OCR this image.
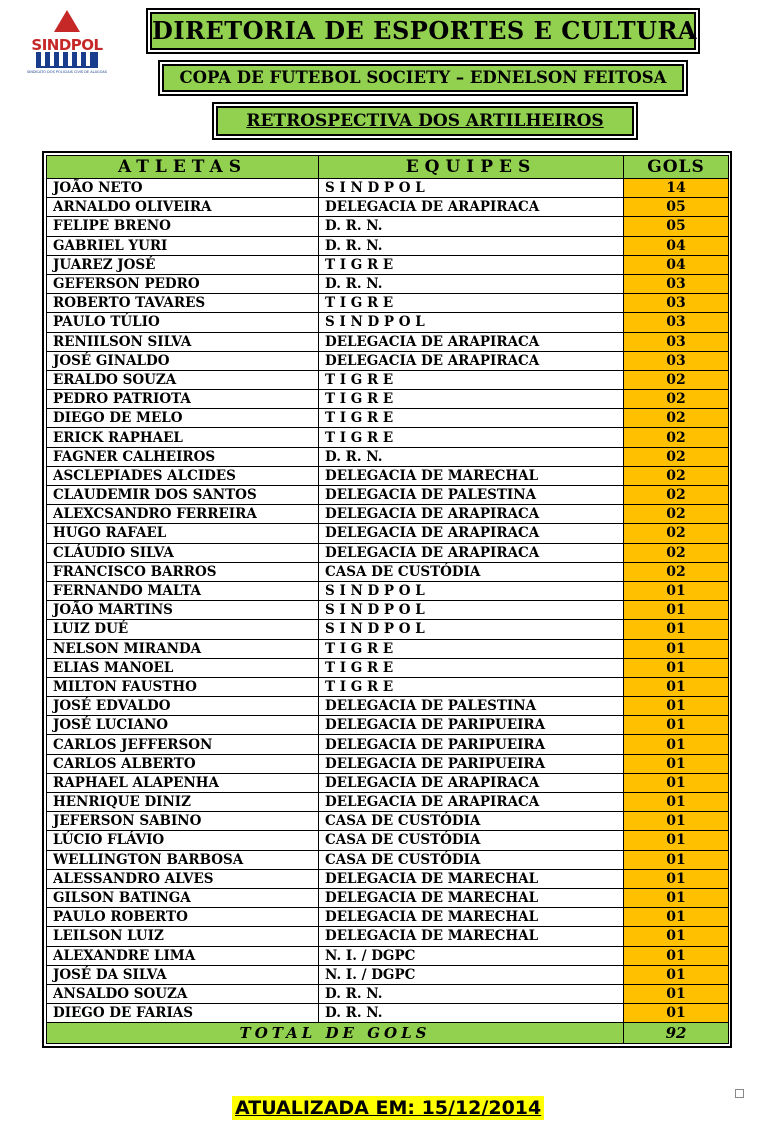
SINDPOL
SINDICATO DOS POLICIAIS CIVIS DE ALAGOAS
DIRETORIA DE ESPORTES E CULTURA
COPA DE FUTEBOL SOCIETY – EDNELSON FEITOSA
RETROSPECTIVA DOS ARTILHEIROS
ATLETAS	EQUIPES	GOLS
JOÃO NETO	S I N D P O L	14
ARNALDO OLIVEIRA	DELEGACIA DE ARAPIRACA	05
FELIPE BRENO	D. R. N.	05
GABRIEL YURI	D. R. N.	04
JUAREZ JOSÉ	T I G R E	04
GEFERSON PEDRO	D. R. N.	03
ROBERTO TAVARES	T I G R E	03
PAULO TÚLIO	S I N D P O L	03
RENIILSON SILVA	DELEGACIA DE ARAPIRACA	03
JOSÉ GINALDO	DELEGACIA DE ARAPIRACA	03
ERALDO SOUZA	T I G R E	02
PEDRO PATRIOTA	T I G R E	02
DIEGO DE MELO	T I G R E	02
ERICK RAPHAEL	T I G R E	02
FAGNER CALHEIROS	D. R. N.	02
ASCLEPIADES ALCIDES	DELEGACIA DE MARECHAL	02
CLAUDEMIR DOS SANTOS	DELEGACIA DE PALESTINA	02
ALEXCSANDRO FERREIRA	DELEGACIA DE ARAPIRACA	02
HUGO RAFAEL	DELEGACIA DE ARAPIRACA	02
CLÁUDIO SILVA	DELEGACIA DE ARAPIRACA	02
FRANCISCO BARROS	CASA DE CUSTÓDIA	02
FERNANDO MALTA	S I N D P O L	01
JOÃO MARTINS	S I N D P O L	01
LUIZ DUÉ	S I N D P O L	01
NELSON MIRANDA	T I G R E	01
ELIAS MANOEL	T I G R E	01
MILTON FAUSTHO	T I G R E	01
JOSÉ EDVALDO	DELEGACIA DE PALESTINA	01
JOSÉ LUCIANO	DELEGACIA DE PARIPUEIRA	01
CARLOS JEFFERSON	DELEGACIA DE PARIPUEIRA	01
CARLOS ALBERTO	DELEGACIA DE PARIPUEIRA	01
RAPHAEL ALAPENHA	DELEGACIA DE ARAPIRACA	01
HENRIQUE DINIZ	DELEGACIA DE ARAPIRACA	01
JEFERSON SABINO	CASA DE CUSTÓDIA	01
LÚCIO FLÁVIO	CASA DE CUSTÓDIA	01
WELLINGTON BARBOSA	CASA DE CUSTÓDIA	01
ALESSANDRO ALVES	DELEGACIA DE MARECHAL	01
GILSON BATINGA	DELEGACIA DE MARECHAL	01
PAULO ROBERTO	DELEGACIA DE MARECHAL	01
LEILSON LUIZ	DELEGACIA DE MARECHAL	01
ALEXANDRE LIMA	N. I. / DGPC	01
JOSÉ DA SILVA	N. I. / DGPC	01
ANSALDO SOUZA	D. R. N.	01
DIEGO DE FARIAS	D. R. N.	01
TOTAL DE GOLS		92
ATUALIZADA EM: 15/12/2014
